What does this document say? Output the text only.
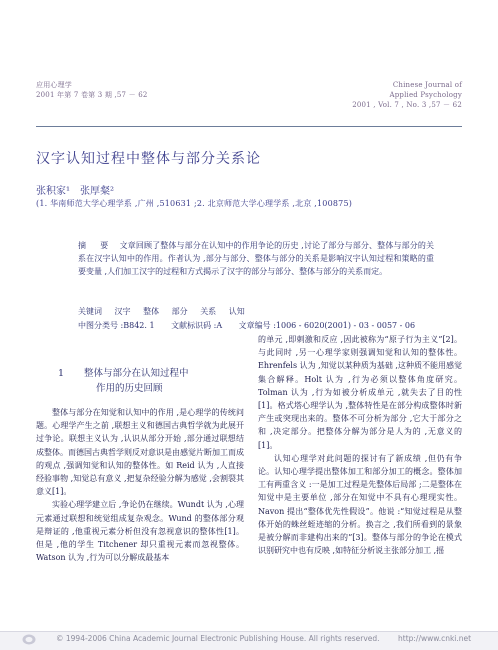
应用心理学
2001 年第 7 卷第 3 期 ,57 － 62
Chinese Journal of
Applied Psychology
2001 , Vol. 7 , No. 3 ,57 － 62
汉字认知过程中整体与部分关系论
张积家¹　张厚粲²
(1. 华南师范大学心理学系 ,广州 ,510631 ;2. 北京师范大学心理学系 ,北京 ,100875)

摘　要　 文章回顾了整体与部分在认知中的作用争论的历史 ,讨论了部分与部分、整体与部分的关系在汉字认知中的作用。作者认为 ,部分与部分、整体与部分的关系是影响汉字认知过程和策略的重要变量 ,人们加工汉字的过程和方式揭示了汉字的部分与部分、整体与部分的关系而定。

关键词 汉字 整体 部分 关系 认知
中图分类号 :B842. 1 文献标识码 :A 文章编号 :1006 - 6020(2001) - 03 - 0057 - 06
1 整体与部分在认知过程中
作用的历史回顾

整体与部分在知觉和认知中的作用 ,是心理学的传统问题。心理学产生之前 ,联想主义和德国古典哲学就为此展开过争论。联想主义认为 ,认识从部分开始 ,部分通过联想结成整体。而德国古典哲学则反对意识是由感觉片断加工而成的观点 ,强调知觉和认知的整体性。如 Reid 认为 ,人直接经验事物 ,知觉总有意义 ,把复杂经验分解为感觉 ,会割裂其意义[1]。

实验心理学建立后 ,争论仍在继续。Wundt 认为 ,心理元素通过联想和统觉组成复杂观念。Wund 的整体部分观是辩证的 ,他重视元素分析但没有忽视意识的整体性[1]。但是 ,他的学生 Titchener 却只重视元素而忽视整体。Watson 认为 ,行为可以分解成最基本

的单元 ,即刺激和反应 ,因此被称为“原子行为主义”[2]。与此同时 ,另一心理学家则强调知觉和认知的整体性。Ehrenfels 认为 ,知觉以某种质为基础 ,这种质不能用感觉集合解释。Holt 认为 ,行为必须以整体角度研究。Tolman 认为 ,行为如被分析成单元 ,就失去了目的性[1]。格式塔心理学认为 ,整体特性是在部分构成整体时新产生或突现出来的。整体不可分析为部分 ,它大于部分之和 ,决定部分。把整体分解为部分是人为的 ,无意义的[1]。

认知心理学对此问题的探讨有了新成绩 ,但仍有争论。认知心理学提出整体加工和部分加工的概念。整体加工有两重含义 :一是加工过程是先整体后局部 ;二是整体在知觉中是主要单位 ,部分在知觉中不具有心理现实性。Navon 提出“整体优先性假设”。他说 :“知觉过程是从整体开始的蛛丝蛭迹缩的分析。换言之 ,我们所看到的景象是被分解而非建构出来的”[3]。整体与部分的争论在模式识别研究中也有反映 ,如特征分析说主张部分加工 ,摇

© 1994-2006 China Academic Journal Electronic Publishing House. All rights reserved. http://www.cnki.net
